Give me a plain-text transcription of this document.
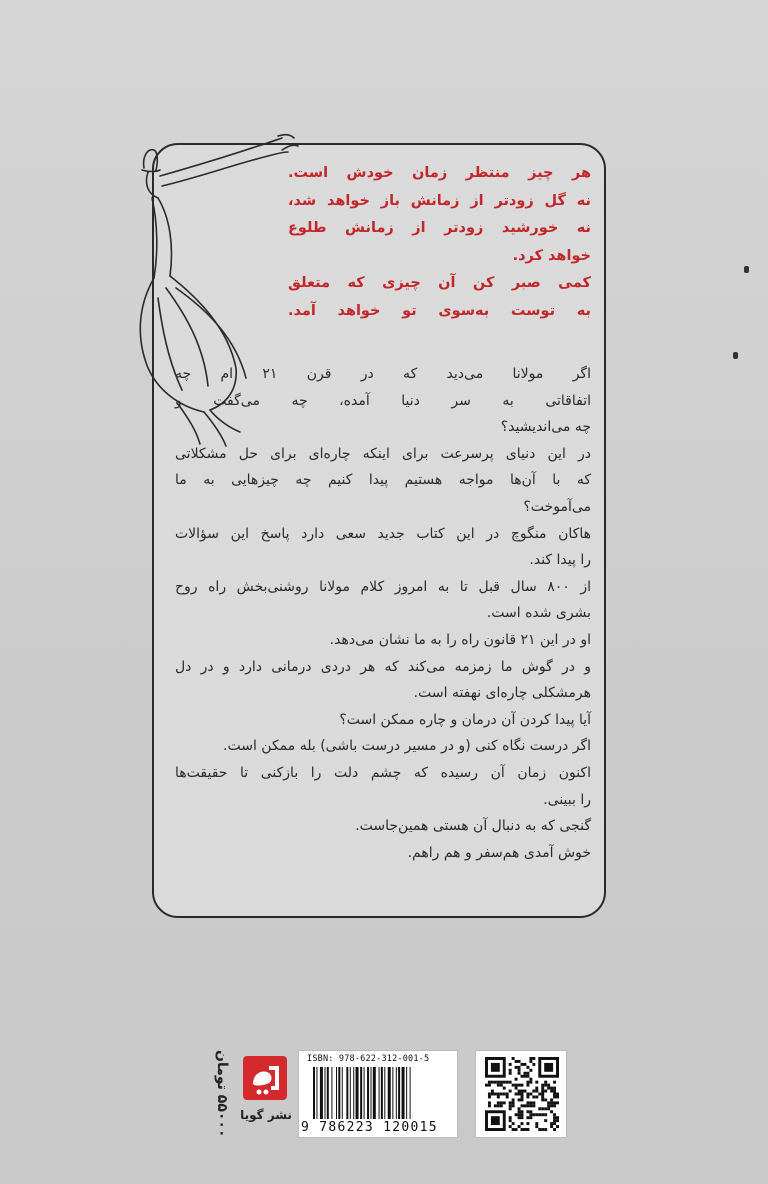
هر چیز منتظر زمان خودش است.

نه گل زودتر از زمانش باز خواهد شد،

نه خورشید زودتر از زمانش طلوع

خواهد کرد.

کمی صبر کن آن چیزی که متعلق

به توست به‌سوی تو خواهد آمد.

اگر مولانا می‌دید که در قرن ۲۱ ام چه

اتفاقاتی به سر دنیا آمده، چه می‌گفت و

چه می‌اندیشید؟

در این دنیای پرسرعت برای اینکه چاره‌ای برای حل مشکلاتی

که با آن‌ها مواجه هستیم پیدا کنیم چه چیزهایی به ما

می‌آموخت؟

هاکان منگوچ در این کتاب جدید سعی دارد پاسخ این سؤالات

را پیدا کند.

از ۸۰۰ سال قبل تا به امروز کلام مولانا روشنی‌بخش راه روح

بشری شده است.

او در این ۲۱ قانون راه را به ما نشان می‌دهد.

و در گوش ما زمزمه می‌کند که هر دردی درمانی دارد و در دل

هرمشکلی چاره‌ای نهفته است.

آیا پیدا کردن آن درمان و چاره ممکن است؟

اگر درست نگاه کنی (و در مسیر درست باشی) بله ممکن است.

اکنون زمان آن رسیده که چشم دلت را بازکنی تا حقیقت‌ها

را ببینی.

گنجی که به دنبال آن هستی همین‌جاست.

خوش آمدی هم‌سفر و هم راهم.

۵۵۰۰۰ تومان نشر گویا
ISBN: 978-622-312-001-5
9 786223 120015
